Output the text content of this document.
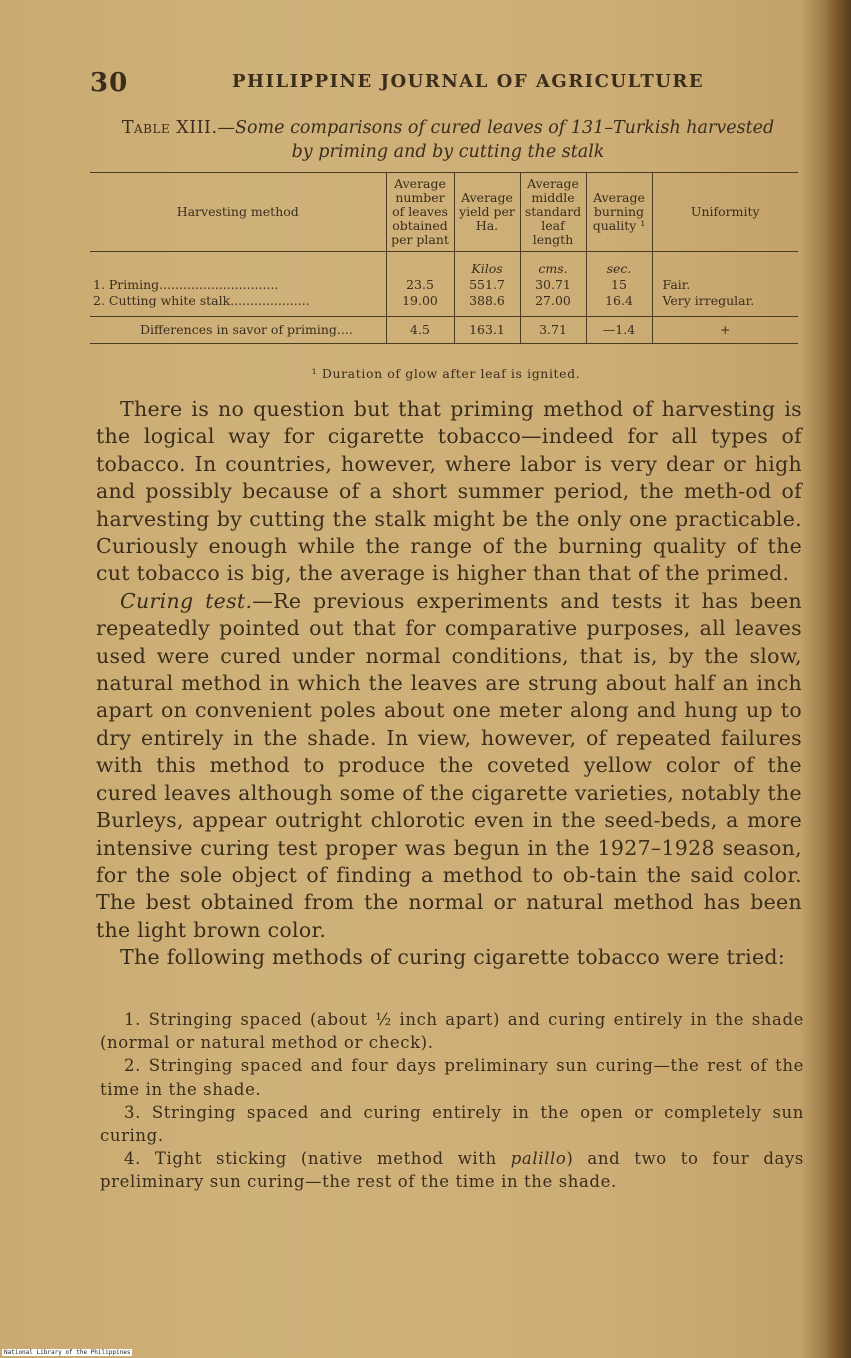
30	PHILIPPINE JOURNAL OF AGRICULTURE
Table XIII.—Some comparisons of cured leaves of 131–Turkish harvested
by priming and by cutting the stalk
Harvesting method	Average number of leaves obtained per plant	Average yield per Ha.	Average middle standard leaf length	Average burning quality ¹	Uniformity
		Kilos	cms.	sec.	
1. Priming..............................	23.5	551.7	30.71	15	Fair.
2. Cutting white stalk....................	19.00	388.6	27.00	16.4	Very irregular.
Differences in savor of priming....	4.5	163.1	3.71	—1.4	+
¹ Duration of glow after leaf is ignited.

There is no question but that priming method of harvesting is the logical way for cigarette tobacco—indeed for all types of tobacco. In countries, however, where labor is very dear or high and possibly because of a short summer period, the meth-od of harvesting by cutting the stalk might be the only one practicable. Curiously enough while the range of the burning quality of the cut tobacco is big, the average is higher than that of the primed.

Curing test.—Re previous experiments and tests it has been repeatedly pointed out that for comparative purposes, all leaves used were cured under normal conditions, that is, by the slow, natural method in which the leaves are strung about half an inch apart on convenient poles about one meter along and hung up to dry entirely in the shade. In view, however, of repeated failures with this method to produce the coveted yellow color of the cured leaves although some of the cigarette varieties, notably the Burleys, appear outright chlorotic even in the seed-beds, a more intensive curing test proper was begun in the 1927–1928 season, for the sole object of finding a method to ob-tain the said color. The best obtained from the normal or natural method has been the light brown color.

The following methods of curing cigarette tobacco were tried:

1. Stringing spaced (about ½ inch apart) and curing entirely in the shade (normal or natural method or check).

2. Stringing spaced and four days preliminary sun curing—the rest of the time in the shade.

3. Stringing spaced and curing entirely in the open or completely sun curing.

4. Tight sticking (native method with palillo) and two to four days preliminary sun curing—the rest of the time in the shade.

National Library of the Philippines
